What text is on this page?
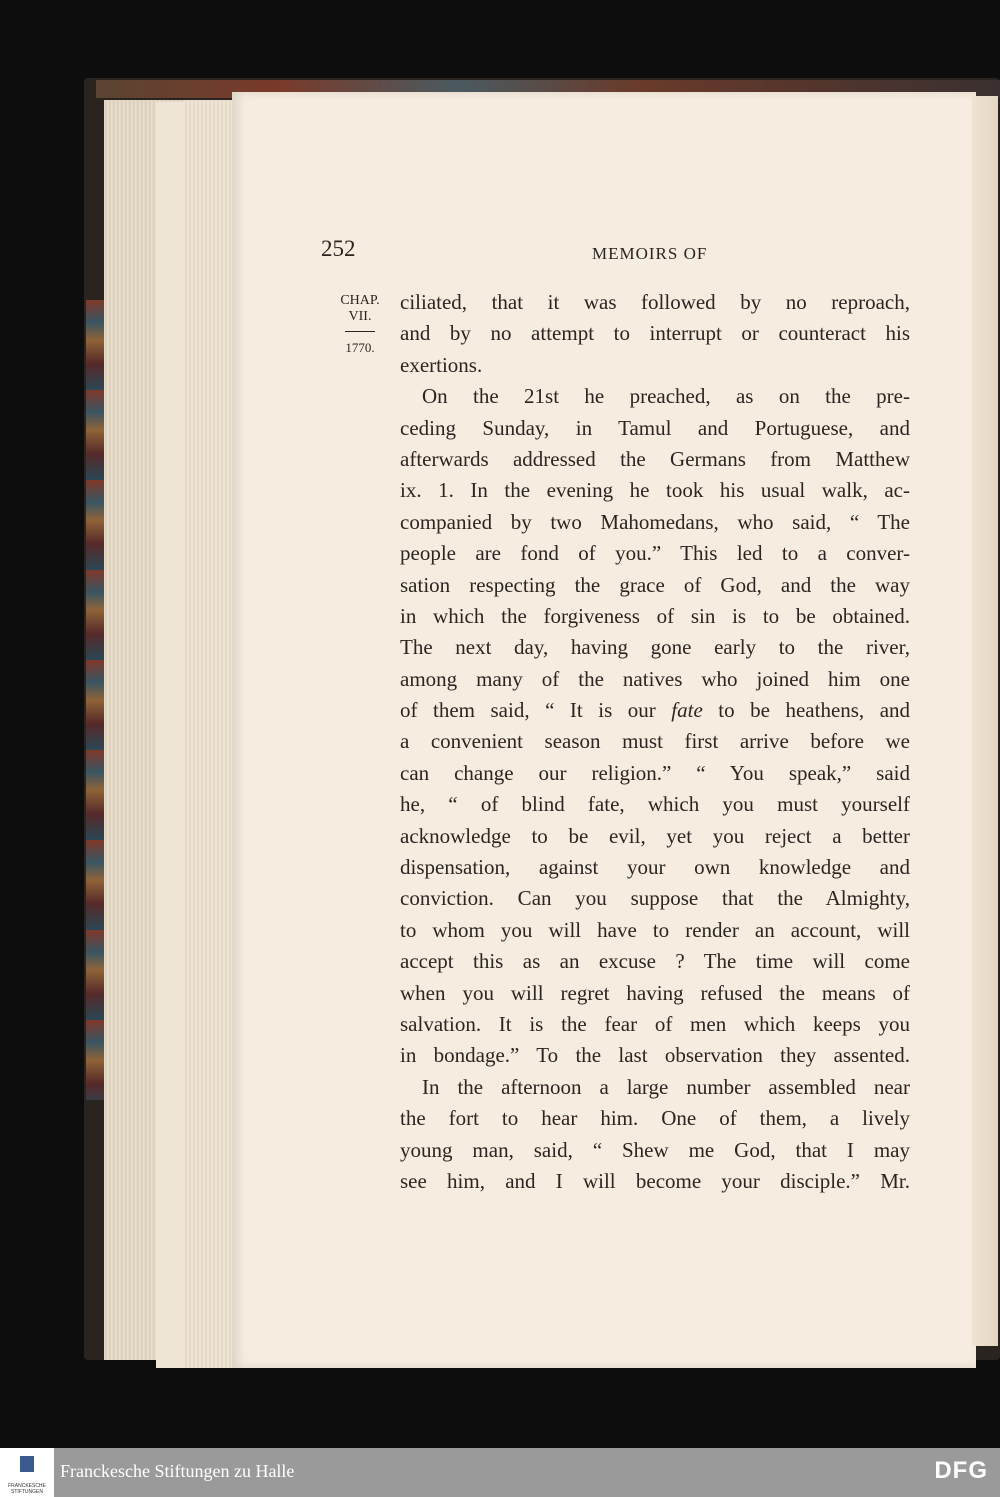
252	MEMOIRS OF
CHAP.
VII.
1770.
ciliated, that it was followed by no reproach,
and by no attempt to interrupt or counteract his
exertions.
On the 21st he preached, as on the pre-
ceding Sunday, in Tamul and Portuguese, and
afterwards addressed the Germans from Matthew
ix. 1. In the evening he took his usual walk, ac-
companied by two Mahomedans, who said, “ The
people are fond of you.” This led to a conver-
sation respecting the grace of God, and the way
in which the forgiveness of sin is to be obtained.
The next day, having gone early to the river,
among many of the natives who joined him one
of them said, “ It is our fate to be heathens, and
a convenient season must first arrive before we
can change our religion.” “ You speak,” said
he, “ of blind fate, which you must yourself
acknowledge to be evil, yet you reject a better
dispensation, against your own knowledge and
conviction. Can you suppose that the Almighty,
to whom you will have to render an account, will
accept this as an excuse ? The time will come
when you will regret having refused the means of
salvation. It is the fear of men which keeps you
in bondage.” To the last observation they assented.
In the afternoon a large number assembled near
the fort to hear him. One of them, a lively
young man, said, “ Shew me God, that I may
see him, and I will become your disciple.” Mr.
FRANCKESCHE STIFTUNGEN
Franckesche Stiftungen zu Halle	DFG
